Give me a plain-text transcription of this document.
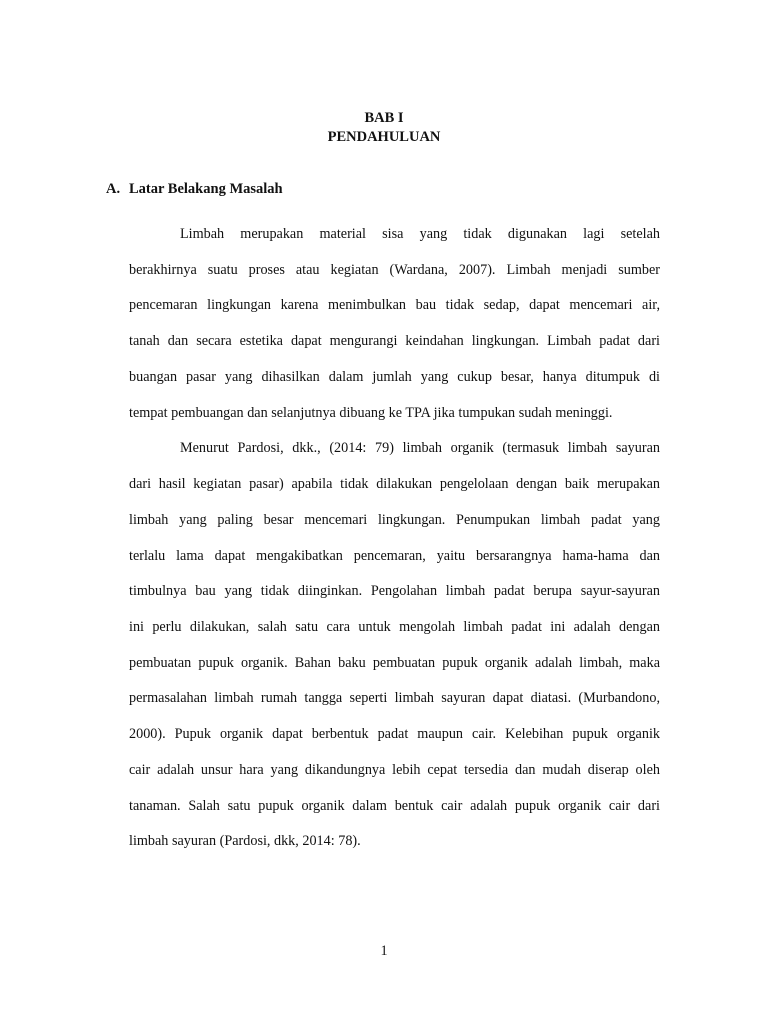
BAB I
PENDAHULUAN
A. Latar Belakang Masalah
Limbah merupakan material sisa yang tidak digunakan lagi setelah
berakhirnya suatu proses atau kegiatan (Wardana, 2007). Limbah menjadi sumber
pencemaran lingkungan karena menimbulkan bau tidak sedap, dapat mencemari air,
tanah dan secara estetika dapat mengurangi keindahan lingkungan. Limbah padat dari
buangan pasar yang dihasilkan dalam jumlah yang cukup besar, hanya ditumpuk di
tempat pembuangan dan selanjutnya dibuang ke TPA jika tumpukan sudah meninggi.
Menurut Pardosi, dkk., (2014: 79) limbah organik (termasuk limbah sayuran
dari hasil kegiatan pasar) apabila tidak dilakukan pengelolaan dengan baik merupakan
limbah yang paling besar mencemari lingkungan. Penumpukan limbah padat yang
terlalu lama dapat mengakibatkan pencemaran, yaitu bersarangnya hama-hama dan
timbulnya bau yang tidak diinginkan. Pengolahan limbah padat berupa sayur-sayuran
ini perlu dilakukan, salah satu cara untuk mengolah limbah padat ini adalah dengan
pembuatan pupuk organik. Bahan baku pembuatan pupuk organik adalah limbah, maka
permasalahan limbah rumah tangga seperti limbah sayuran dapat diatasi. (Murbandono,
2000). Pupuk organik dapat berbentuk padat maupun cair. Kelebihan pupuk organik
cair adalah unsur hara yang dikandungnya lebih cepat tersedia dan mudah diserap oleh
tanaman. Salah satu pupuk organik dalam bentuk cair adalah pupuk organik cair dari
limbah sayuran (Pardosi, dkk, 2014: 78).
1
